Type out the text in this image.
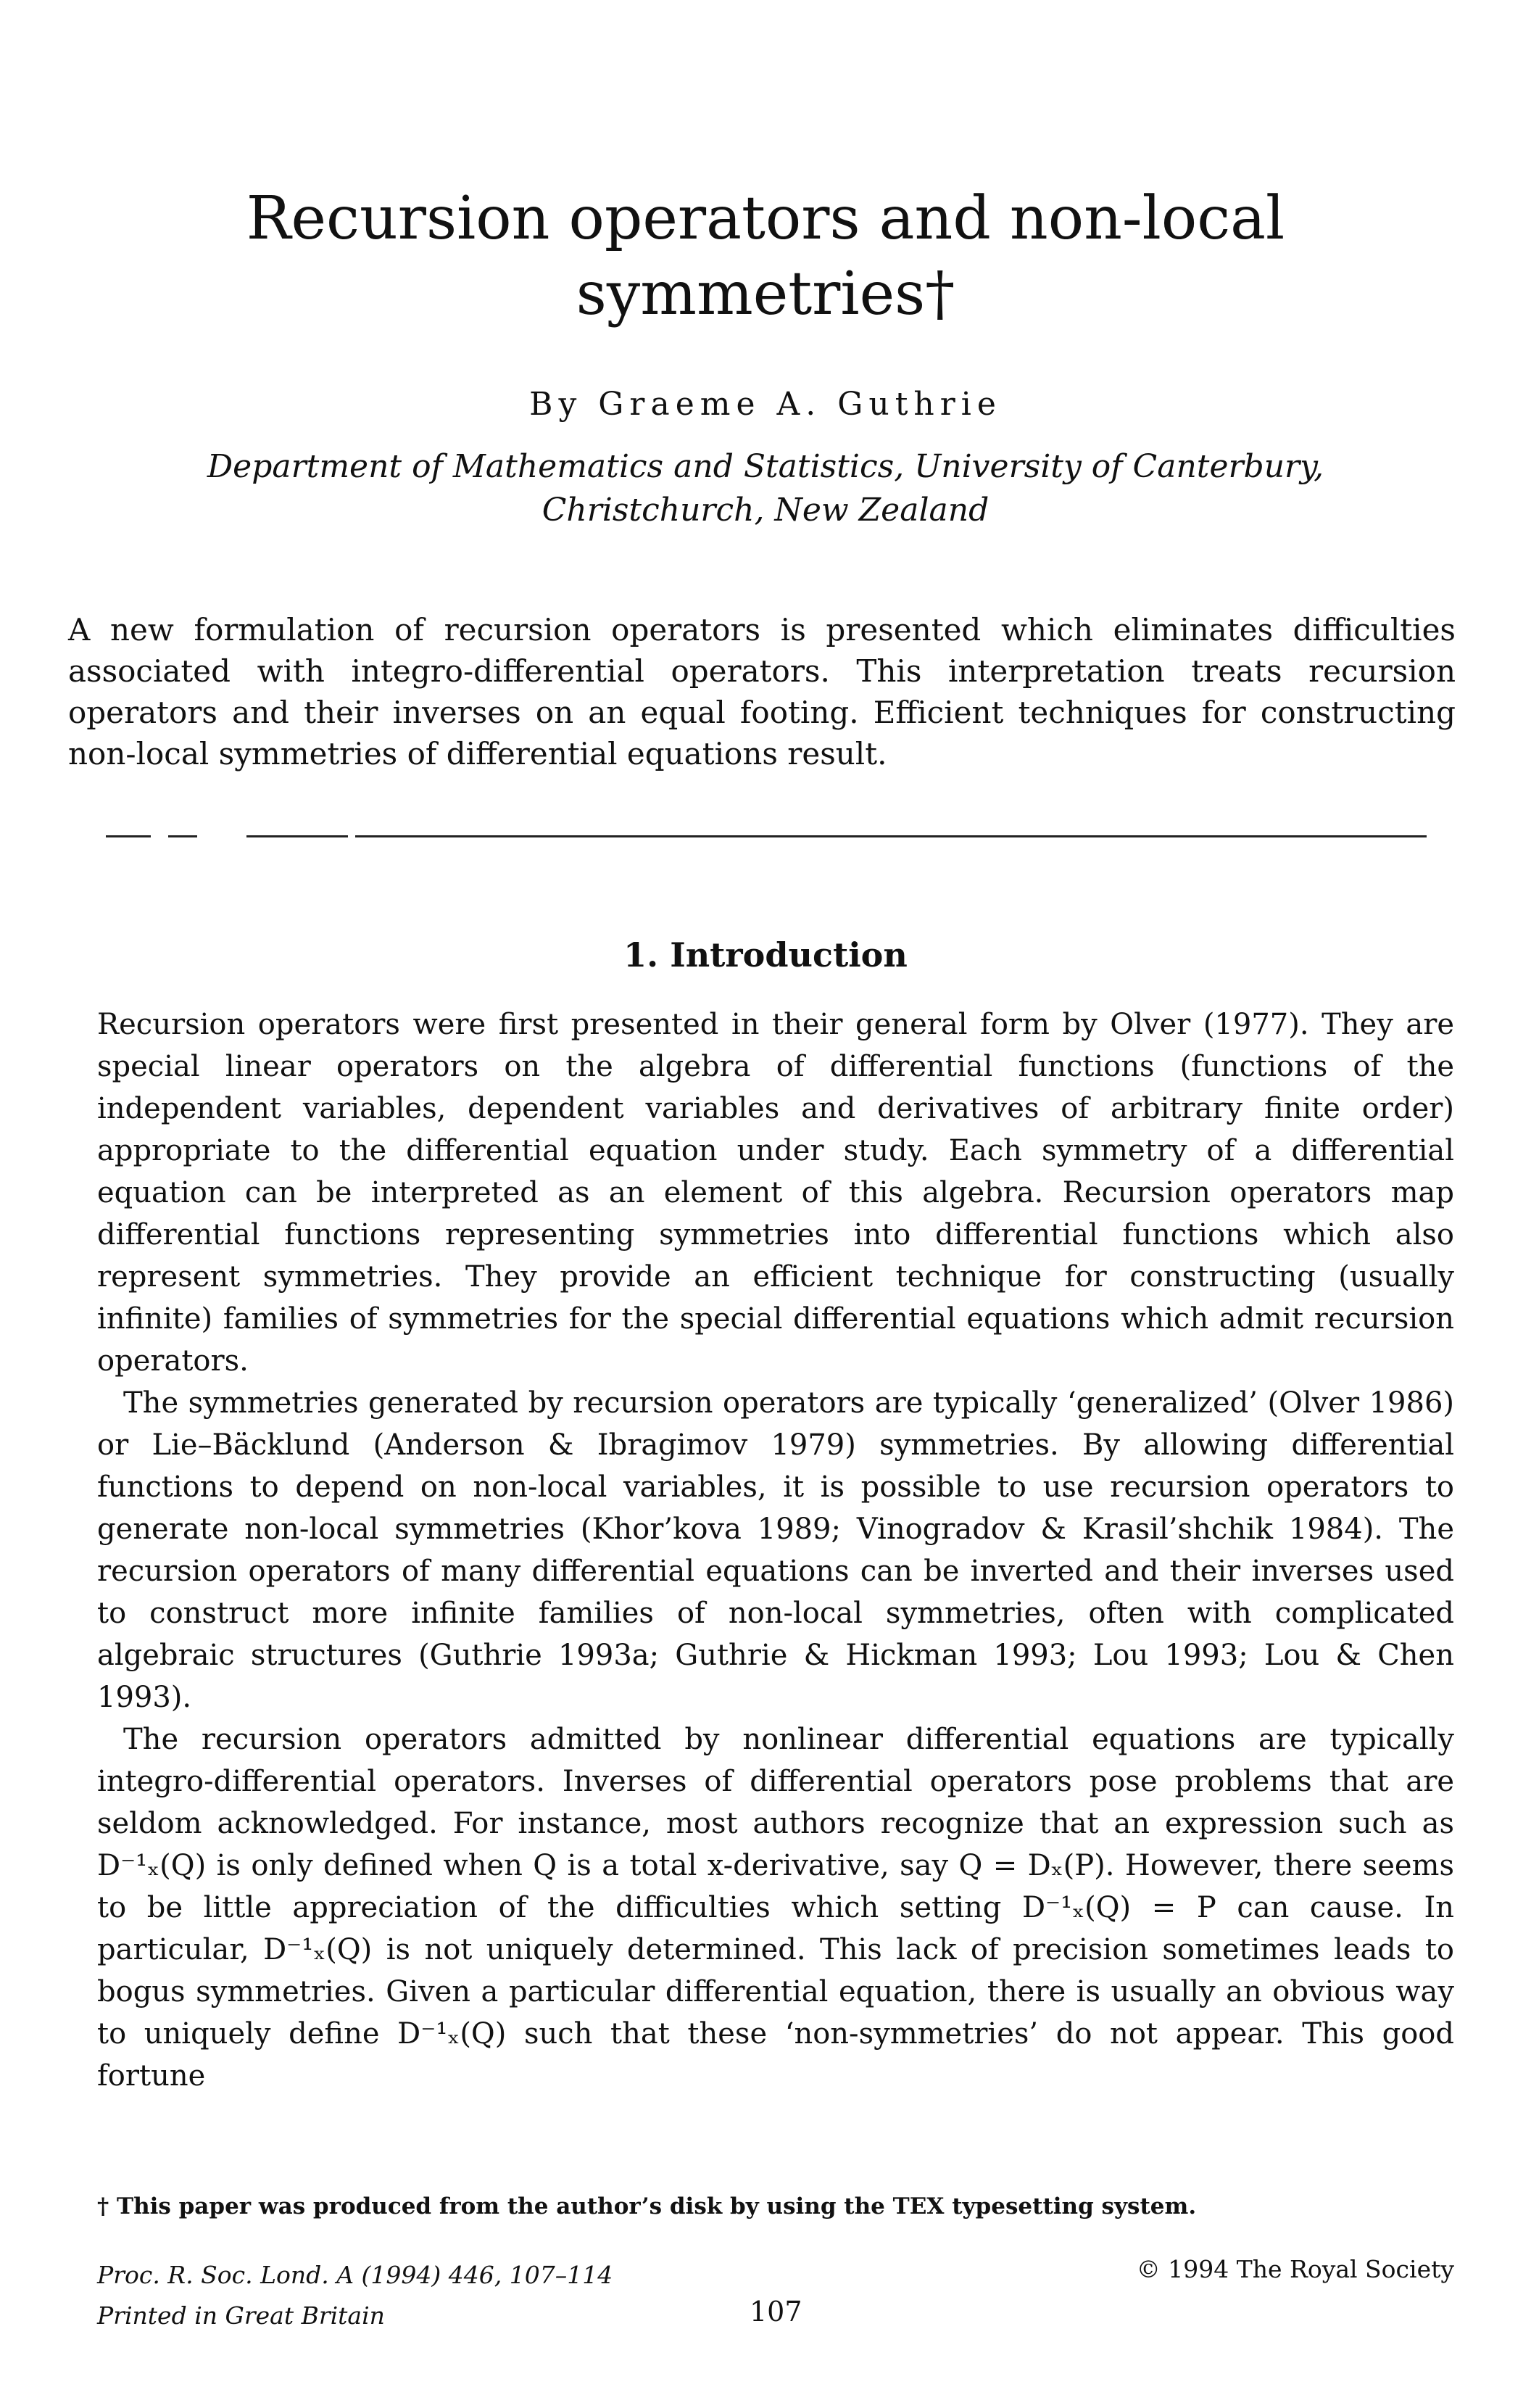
Recursion operators and non-local
symmetries†
By Graeme A. Guthrie
Department of Mathematics and Statistics, University of Canterbury,
Christchurch, New Zealand
A new formulation of recursion operators is presented which eliminates difficulties associated with integro-differential operators. This interpretation treats recursion operators and their inverses on an equal footing. Efficient techniques for constructing non-local symmetries of differential equations result.
1. Introduction

Recursion operators were first presented in their general form by Olver (1977). They are special linear operators on the algebra of differential functions (functions of the independent variables, dependent variables and derivatives of arbitrary finite order) appropriate to the differential equation under study. Each symmetry of a differential equation can be interpreted as an element of this algebra. Recursion operators map differential functions representing symmetries into differential functions which also represent symmetries. They provide an efficient technique for constructing (usually infinite) families of symmetries for the special differential equations which admit recursion operators.

The symmetries generated by recursion operators are typically ‘generalized’ (Olver 1986) or Lie–Bäcklund (Anderson & Ibragimov 1979) symmetries. By allowing differential functions to depend on non-local variables, it is possible to use recursion operators to generate non-local symmetries (Khor’kova 1989; Vinogradov & Krasil’shchik 1984). The recursion operators of many differential equations can be inverted and their inverses used to construct more infinite families of non-local symmetries, often with complicated algebraic structures (Guthrie 1993a; Guthrie & Hickman 1993; Lou 1993; Lou & Chen 1993).

The recursion operators admitted by nonlinear differential equations are typically integro-differential operators. Inverses of differential operators pose problems that are seldom acknowledged. For instance, most authors recognize that an expression such as D⁻¹ₓ(Q) is only defined when Q is a total x-derivative, say Q = Dₓ(P). However, there seems to be little appreciation of the difficulties which setting D⁻¹ₓ(Q) = P can cause. In particular, D⁻¹ₓ(Q) is not uniquely determined. This lack of precision sometimes leads to bogus symmetries. Given a particular differential equation, there is usually an obvious way to uniquely define D⁻¹ₓ(Q) such that these ‘non-symmetries’ do not appear. This good fortune

† This paper was produced from the author’s disk by using the TEX typesetting system.
Proc. R. Soc. Lond. A (1994) 446, 107–114
Printed in Great Britain
© 1994 The Royal Society
107
